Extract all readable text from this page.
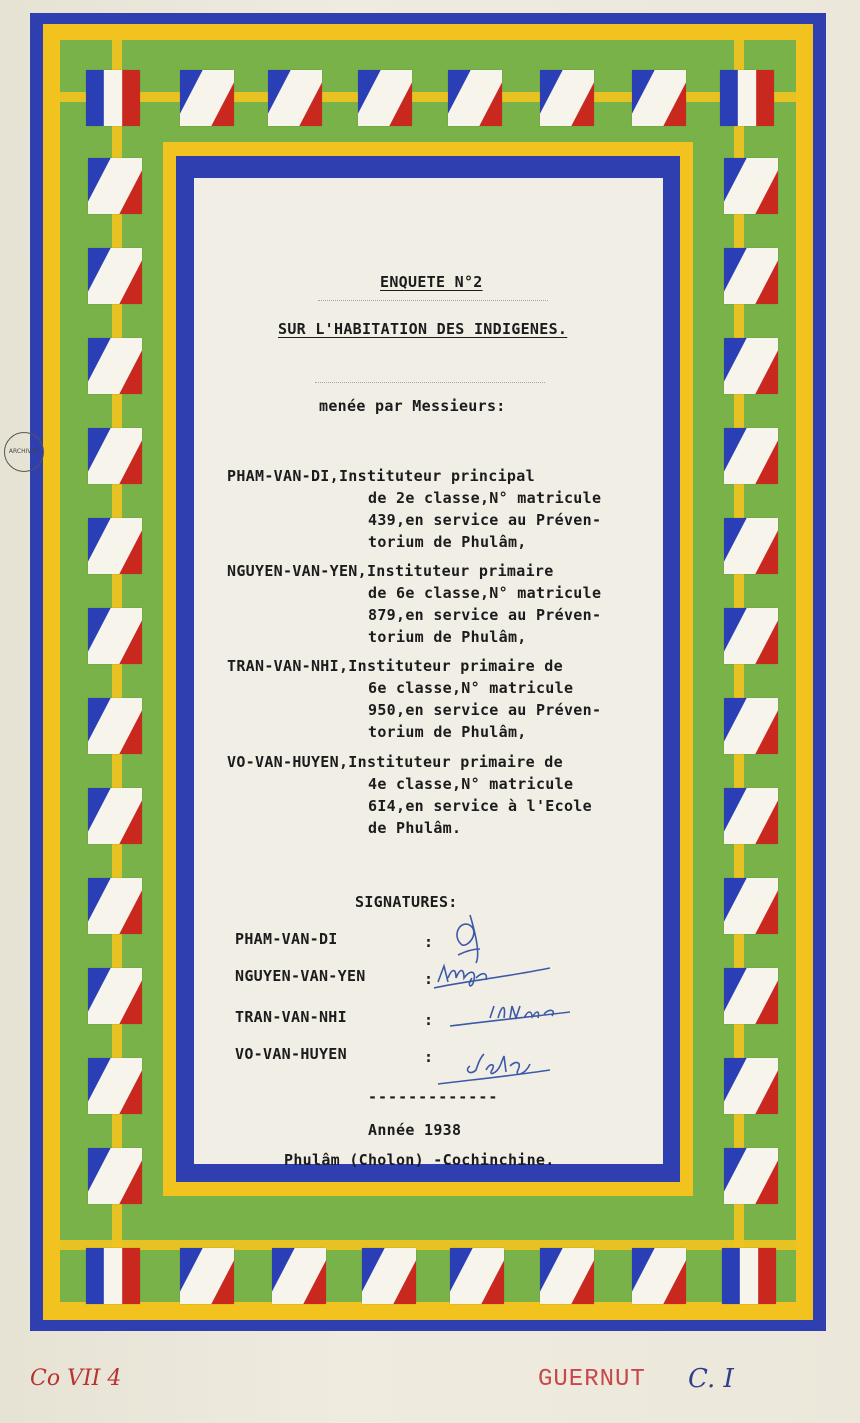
ENQUETE N°2
SUR L'HABITATION DES INDIGENES.
menée par Messieurs:
PHAM-VAN-DI,Instituteur principal
de 2e classe,N° matricule
439,en service au Préven-
torium de Phulâm,
NGUYEN-VAN-YEN,Instituteur primaire
de 6e classe,N° matricule
879,en service au Préven-
torium de Phulâm,
TRAN-VAN-NHI,Instituteur primaire de
6e classe,N° matricule
950,en service au Préven-
torium de Phulâm,
VO-VAN-HUYEN,Instituteur primaire de
4e classe,N° matricule
6I4,en service à l'Ecole
de Phulâm.
SIGNATURES:
PHAM-VAN-DI	:
NGUYEN-VAN-YEN	:
TRAN-VAN-NHI	:
VO-VAN-HUYEN	:
-------------
Année 1938
Phulâm (Cholon) -Cochinchine.
ARCHIVES
Co VII 4	GUERNUT C. I
